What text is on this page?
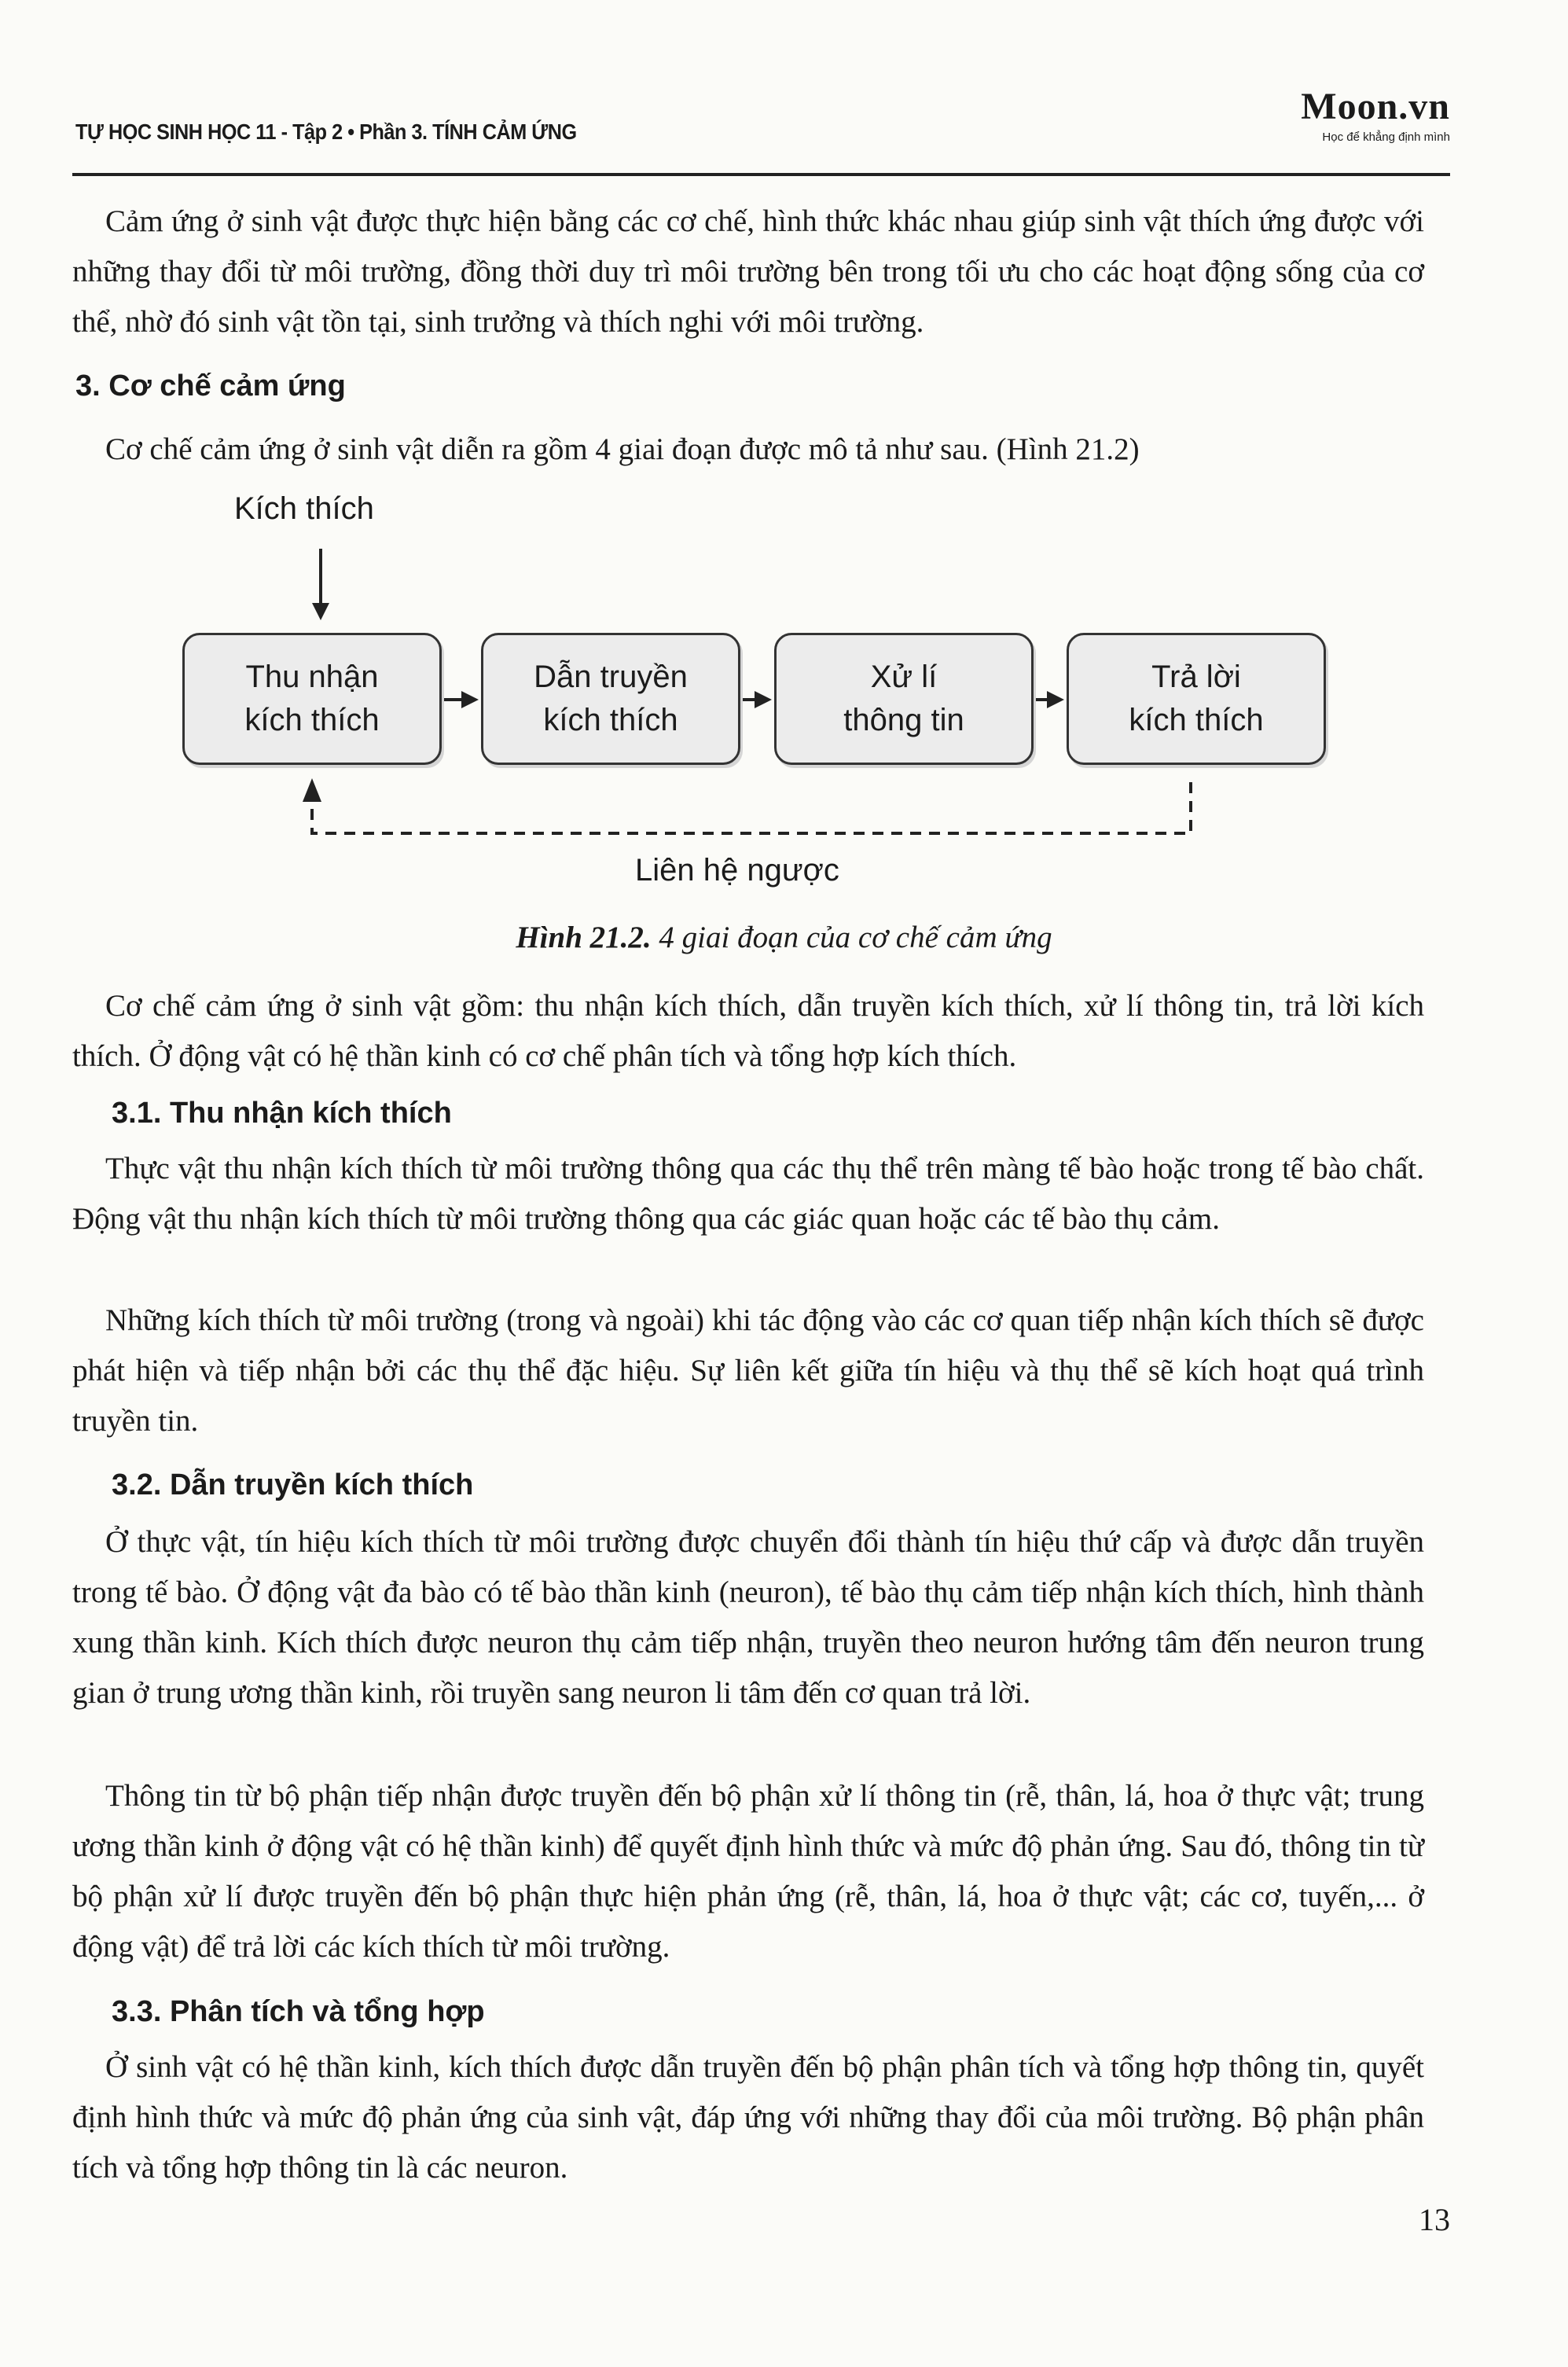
TỰ HỌC SINH HỌC 11 - Tập 2 • Phần 3. TÍNH CẢM ỨNG
Moon.vn
Học để khẳng định mình
Cảm ứng ở sinh vật được thực hiện bằng các cơ chế, hình thức khác nhau giúp sinh vật thích ứng được với những thay đổi từ môi trường, đồng thời duy trì môi trường bên trong tối ưu cho các hoạt động sống của cơ thể, nhờ đó sinh vật tồn tại, sinh trưởng và thích nghi với môi trường.
3. Cơ chế cảm ứng
Cơ chế cảm ứng ở sinh vật diễn ra gồm 4 giai đoạn được mô tả như sau. (Hình 21.2)
Kích thích
Thu nhận
kích thích
Dẫn truyền
kích thích
Xử lí
thông tin
Trả lời
kích thích
Liên hệ ngược
Hình 21.2. 4 giai đoạn của cơ chế cảm ứng
Cơ chế cảm ứng ở sinh vật gồm: thu nhận kích thích, dẫn truyền kích thích, xử lí thông tin, trả lời kích thích. Ở động vật có hệ thần kinh có cơ chế phân tích và tổng hợp kích thích.
3.1. Thu nhận kích thích
Thực vật thu nhận kích thích từ môi trường thông qua các thụ thể trên màng tế bào hoặc trong tế bào chất. Động vật thu nhận kích thích từ môi trường thông qua các giác quan hoặc các tế bào thụ cảm.
Những kích thích từ môi trường (trong và ngoài) khi tác động vào các cơ quan tiếp nhận kích thích sẽ được phát hiện và tiếp nhận bởi các thụ thể đặc hiệu. Sự liên kết giữa tín hiệu và thụ thể sẽ kích hoạt quá trình truyền tin.
3.2. Dẫn truyền kích thích
Ở thực vật, tín hiệu kích thích từ môi trường được chuyển đổi thành tín hiệu thứ cấp và được dẫn truyền trong tế bào. Ở động vật đa bào có tế bào thần kinh (neuron), tế bào thụ cảm tiếp nhận kích thích, hình thành xung thần kinh. Kích thích được neuron thụ cảm tiếp nhận, truyền theo neuron hướng tâm đến neuron trung gian ở trung ương thần kinh, rồi truyền sang neuron li tâm đến cơ quan trả lời.
Thông tin từ bộ phận tiếp nhận được truyền đến bộ phận xử lí thông tin (rễ, thân, lá, hoa ở thực vật; trung ương thần kinh ở động vật có hệ thần kinh) để quyết định hình thức và mức độ phản ứng. Sau đó, thông tin từ bộ phận xử lí được truyền đến bộ phận thực hiện phản ứng (rễ, thân, lá, hoa ở thực vật; các cơ, tuyến,... ở động vật) để trả lời các kích thích từ môi trường.
3.3. Phân tích và tổng hợp
Ở sinh vật có hệ thần kinh, kích thích được dẫn truyền đến bộ phận phân tích và tổng hợp thông tin, quyết định hình thức và mức độ phản ứng của sinh vật, đáp ứng với những thay đổi của môi trường. Bộ phận phân tích và tổng hợp thông tin là các neuron.
13
